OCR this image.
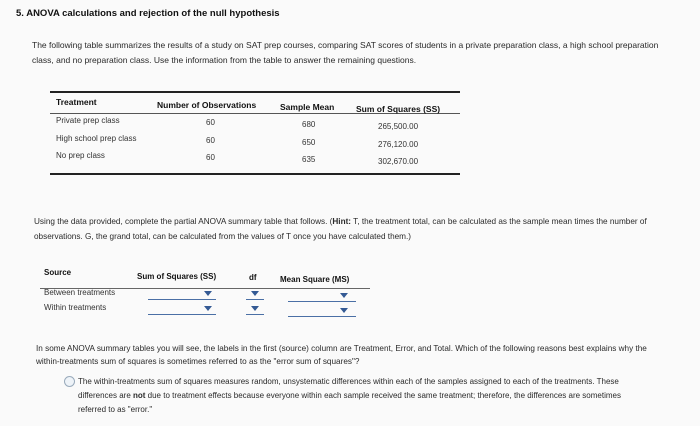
5. ANOVA calculations and rejection of the null hypothesis
The following table summarizes the results of a study on SAT prep courses, comparing SAT scores of students in a private preparation class, a high school preparation class, and no preparation class. Use the information from the table to answer the remaining questions.
Treatment	Number of Observations	Sample Mean	Sum of Squares (SS)
Private prep class	60	680	265,500.00
High school prep class	60	650	276,120.00
No prep class	60	635	302,670.00
Using the data provided, complete the partial ANOVA summary table that follows. (Hint: T, the treatment total, can be calculated as the sample mean times the number of observations. G, the grand total, can be calculated from the values of T once you have calculated them.)
Source	Sum of Squares (SS)	df	Mean Square (MS)
Between treatments
Within treatments
In some ANOVA summary tables you will see, the labels in the first (source) column are Treatment, Error, and Total. Which of the following reasons best explains why the within-treatments sum of squares is sometimes referred to as the "error sum of squares"?
The within-treatments sum of squares measures random, unsystematic differences within each of the samples assigned to each of the treatments. These differences are not due to treatment effects because everyone within each sample received the same treatment; therefore, the differences are sometimes referred to as "error."
